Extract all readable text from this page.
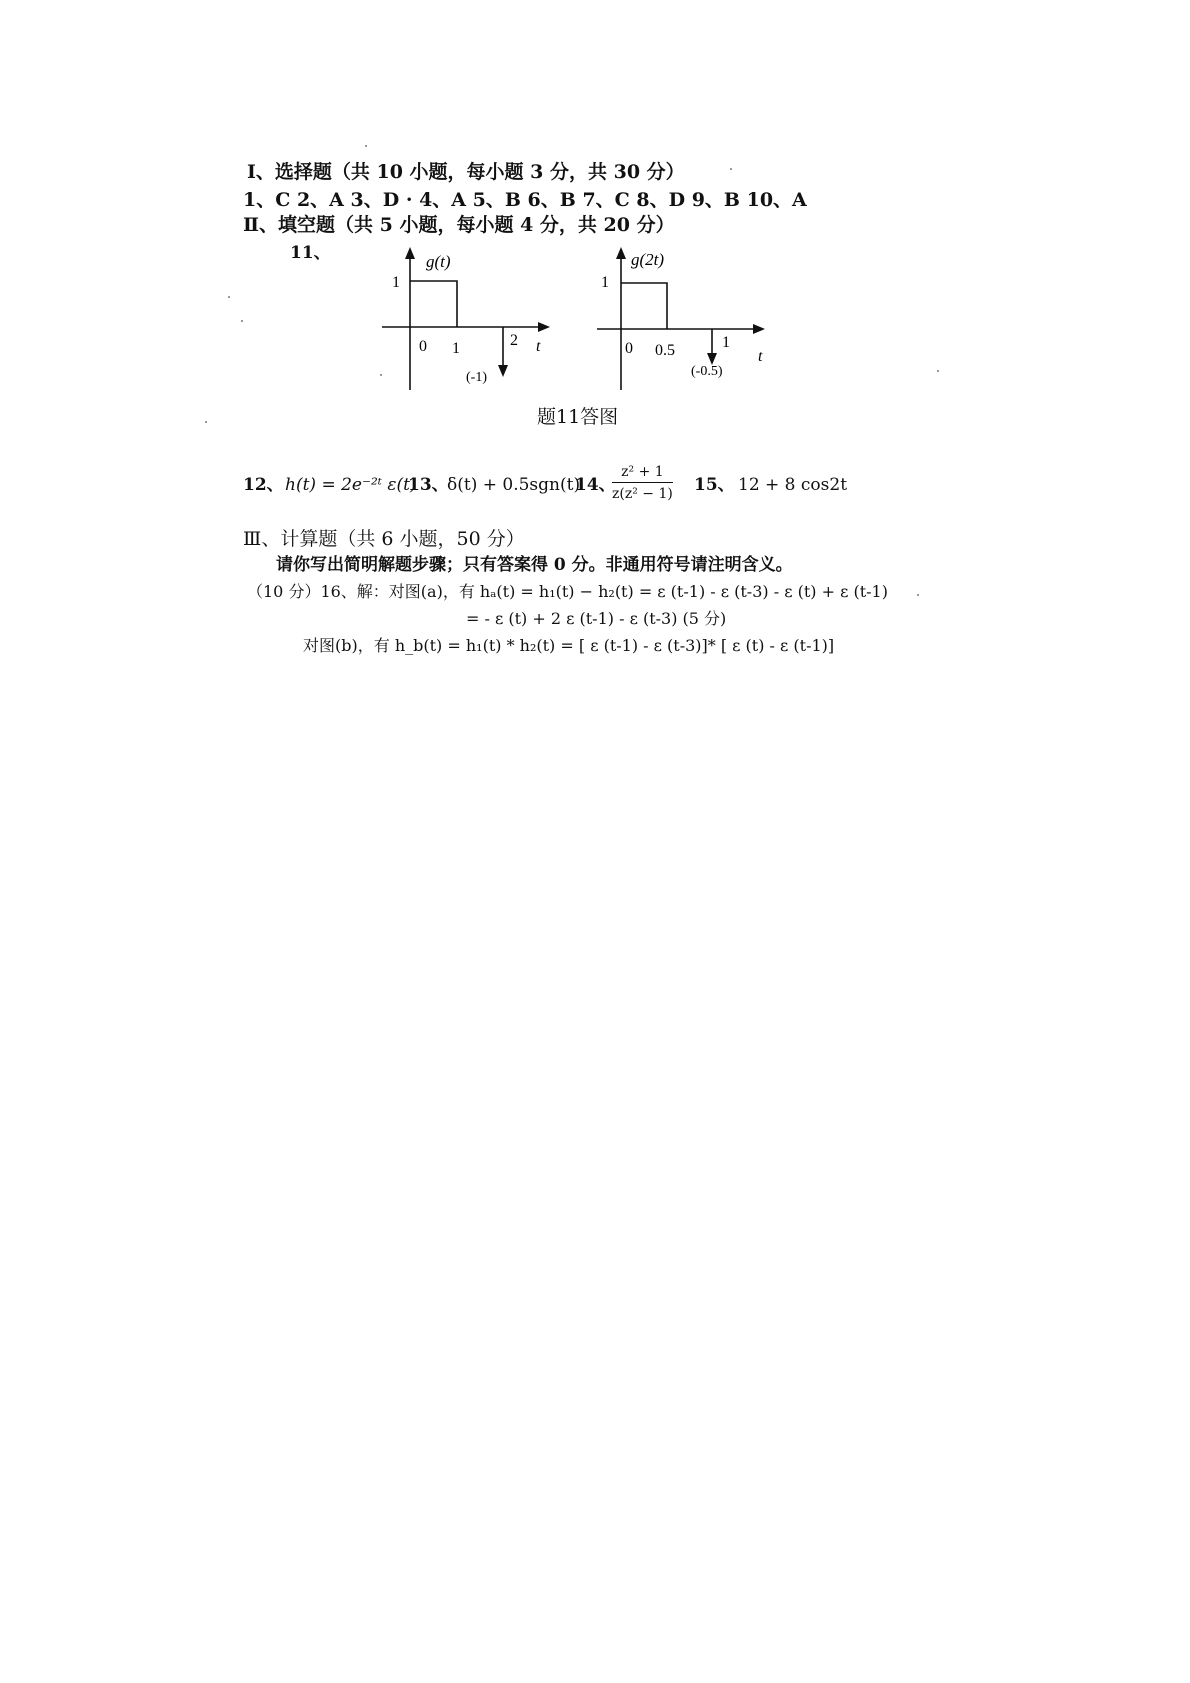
Ⅰ、选择题（共 10 小题，每小题 3 分，共 30 分）
1、C 2、A 3、D · 4、A 5、B 6、B 7、C 8、D 9、B 10、A
Ⅱ、填空题（共 5 小题，每小题 4 分，共 20 分）
11、	g(t)
1
0 1	2 t
(-1)
g(2t)
1
0 0.5	1
t
(-0.5)
题11答图
12、 h(t) = 2e⁻²ᵗ ε(t)
13、
δ(t) + 0.5sgn(t)
14、
$\frac{\text{z² + 1}}{\text{z(z² − 1)}} 15$、 12 + 8 cos2t
Ⅲ、计算题（共 6 小题，50 分）
请你写出简明解题步骤；只有答案得 0 分。非通用符号请注明含义。
（10 分）16、解：对图(a)，有 hₐ(t) = h₁(t) − h₂(t) = ε (t-1) - ε (t-3) - ε (t) + ε (t-1)
= - ε (t) + 2 ε (t-1) - ε (t-3) (5 分)
对图(b)，有 h_b(t) = h₁(t) * h₂(t) = [ ε (t-1) - ε (t-3)]* [ ε (t) - ε (t-1)]
